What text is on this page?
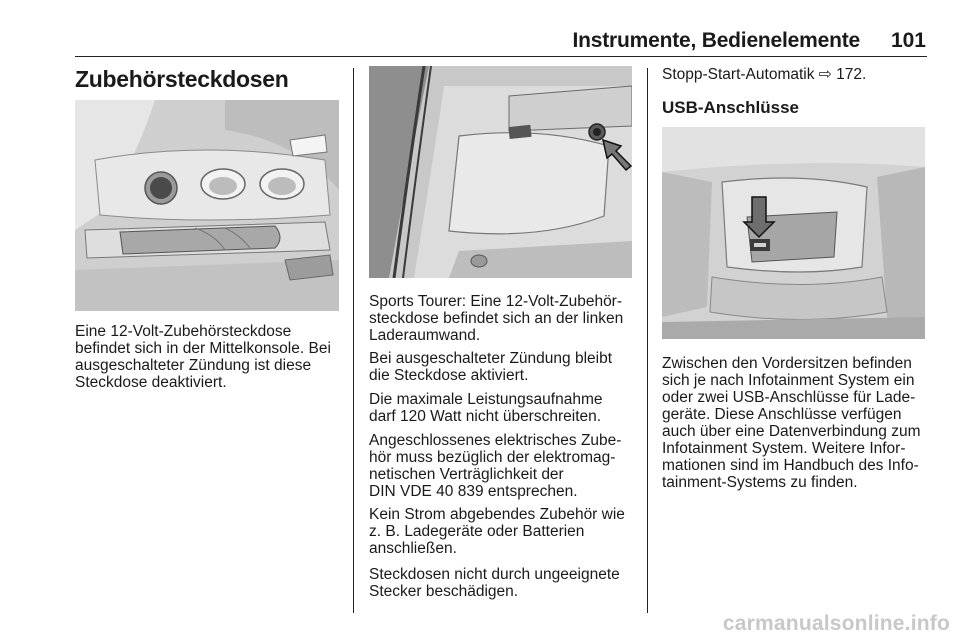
Instrumente, Bedienelemente	101
Zubehörsteckdosen

Eine 12-Volt-Zubehörsteckdose
befindet sich in der Mittelkonsole. Bei
ausgeschalteter Zündung ist diese
Steckdose deaktiviert.

Sports Tourer: Eine 12-Volt-Zubehör-
steckdose befindet sich an der linken
Laderaumwand.

Bei ausgeschalteter Zündung bleibt
die Steckdose aktiviert.

Die maximale Leistungsaufnahme
darf 120 Watt nicht überschreiten.

Angeschlossenes elektrisches Zube-
hör muss bezüglich der elektromag-
netischen Verträglichkeit der
DIN VDE 40 839 entsprechen.

Kein Strom abgebendes Zubehör wie
z. B. Ladegeräte oder Batterien
anschließen.

Steckdosen nicht durch ungeeignete
Stecker beschädigen.

Stopp-Start-Automatik ⇨ 172.

USB-Anschlüsse

Zwischen den Vordersitzen befinden
sich je nach Infotainment System ein
oder zwei USB-Anschlüsse für Lade-
geräte. Diese Anschlüsse verfügen
auch über eine Datenverbindung zum
Infotainment System. Weitere Infor-
mationen sind im Handbuch des Info-
tainment-Systems zu finden.

carmanualsonline.info
